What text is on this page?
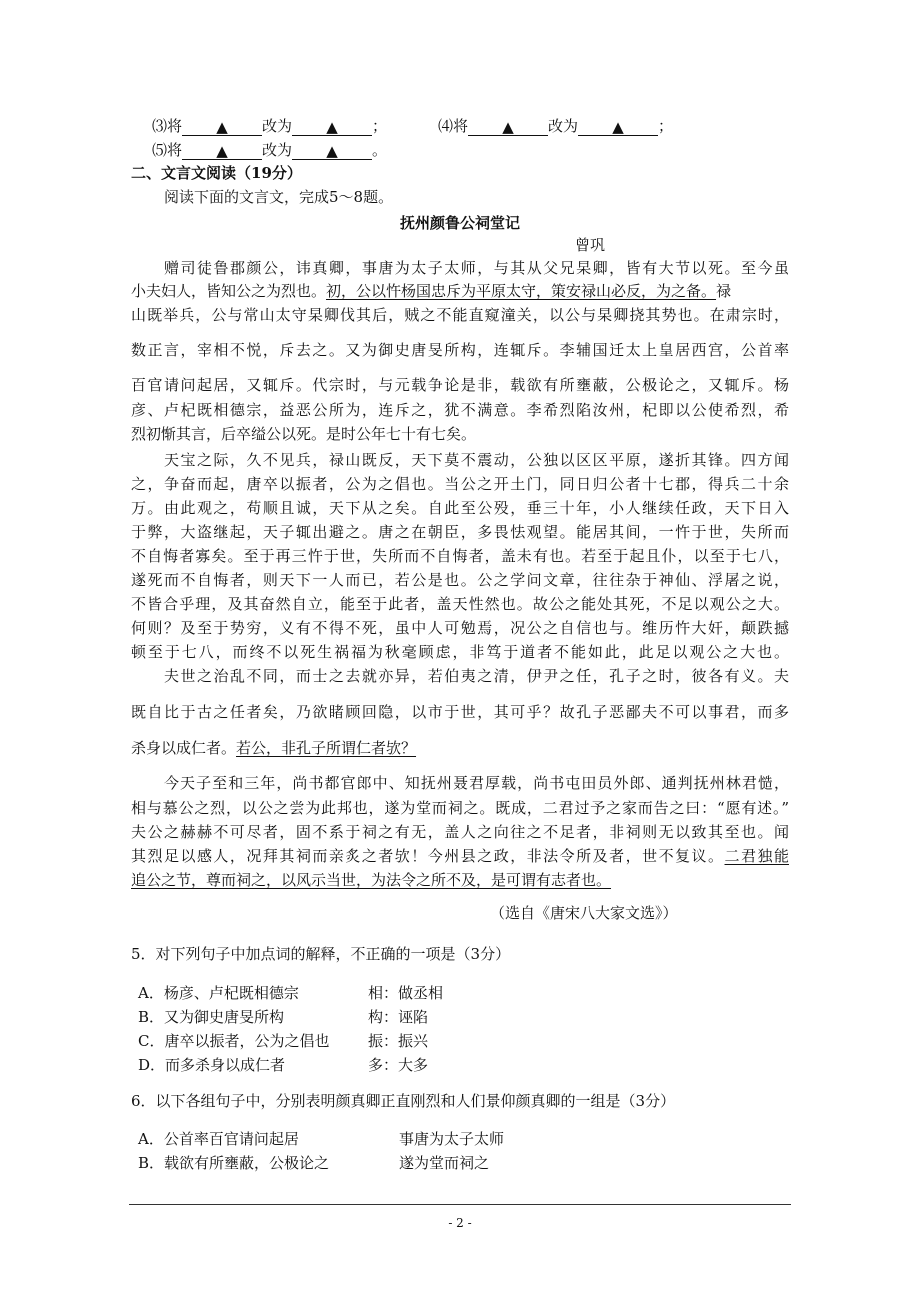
⑶将 ▲ 改为 ▲ ；	⑷将 ▲ 改为 ▲ ；
⑸将 ▲ 改为 ▲ 。
二、文言文阅读（19分）
阅读下面的文言文，完成5～8题。
抚州颜鲁公祠堂记
曾巩
赠司徒鲁郡颜公，讳真卿，事唐为太子太师，与其从父兄杲卿，皆有大节以死。至今虽
小夫妇人，皆知公之为烈也。初，公以忤杨国忠斥为平原太守，策安禄山必反，为之备。禄
山既举兵，公与常山太守杲卿伐其后，贼之不能直窥潼关，以公与杲卿挠其势也。在肃宗时，
数正言，宰相不悦，斥去之。又为御史唐旻所构，连辄斥。李辅国迁太上皇居西宫，公首率
百官请问起居，又辄斥。代宗时，与元载争论是非，载欲有所壅蔽，公极论之，又辄斥。杨
彦、卢杞既相德宗，益恶公所为，连斥之，犹不满意。李希烈陷汝州，杞即以公使希烈，希
烈初惭其言，后卒缢公以死。是时公年七十有七矣。
天宝之际，久不见兵，禄山既反，天下莫不震动，公独以区区平原，遂折其锋。四方闻
之，争奋而起，唐卒以振者，公为之倡也。当公之开土门，同日归公者十七郡，得兵二十余
万。由此观之，苟顺且诚，天下从之矣。自此至公殁，垂三十年，小人继续任政，天下日入
于弊，大盗继起，天子辄出避之。唐之在朝臣，多畏怯观望。能居其间，一忤于世，失所而
不自悔者寡矣。至于再三忤于世，失所而不自悔者，盖未有也。若至于起且仆，以至于七八，
遂死而不自悔者，则天下一人而已，若公是也。公之学问文章，往往杂于神仙、浮屠之说，
不皆合乎理，及其奋然自立，能至于此者，盖天性然也。故公之能处其死，不足以观公之大。
何则？及至于势穷，义有不得不死，虽中人可勉焉，况公之自信也与。维历忤大奸，颠跌撼
顿至于七八，而终不以死生祸福为秋毫顾虑，非笃于道者不能如此，此足以观公之大也。
夫世之治乱不同，而士之去就亦异，若伯夷之清，伊尹之任，孔子之时，彼各有义。夫
既自比于古之任者矣，乃欲睹顾回隐，以市于世，其可乎？故孔子恶鄙夫不可以事君，而多
杀身以成仁者。若公，非孔子所谓仁者欤？
今天子至和三年，尚书都官郎中、知抚州聂君厚载，尚书屯田员外郎、通判抚州林君慥，
相与慕公之烈，以公之尝为此邦也，遂为堂而祠之。既成，二君过予之家而告之曰：“愿有述。”
夫公之赫赫不可尽者，固不系于祠之有无，盖人之向往之不足者，非祠则无以致其至也。闻
其烈足以感人，况拜其祠而亲炙之者欤！今州县之政，非法令所及者，世不复议。二君独能
追公之节，尊而祠之，以风示当世，为法令之所不及，是可谓有志者也。
（选自《唐宋八大家文选》）
5．对下列句子中加点词的解释，不正确的一项是（3分）
A．杨彦、卢杞既相德宗	相：做丞相
B．又为御史唐旻所构	构：诬陷
C．唐卒以振者，公为之倡也	振：振兴
D．而多杀身以成仁者	多：大多
6．以下各组句子中，分别表明颜真卿正直刚烈和人们景仰颜真卿的一组是（3分）
A．公首率百官请问起居	事唐为太子太师
B．载欲有所壅蔽，公极论之	遂为堂而祠之
- 2 -
